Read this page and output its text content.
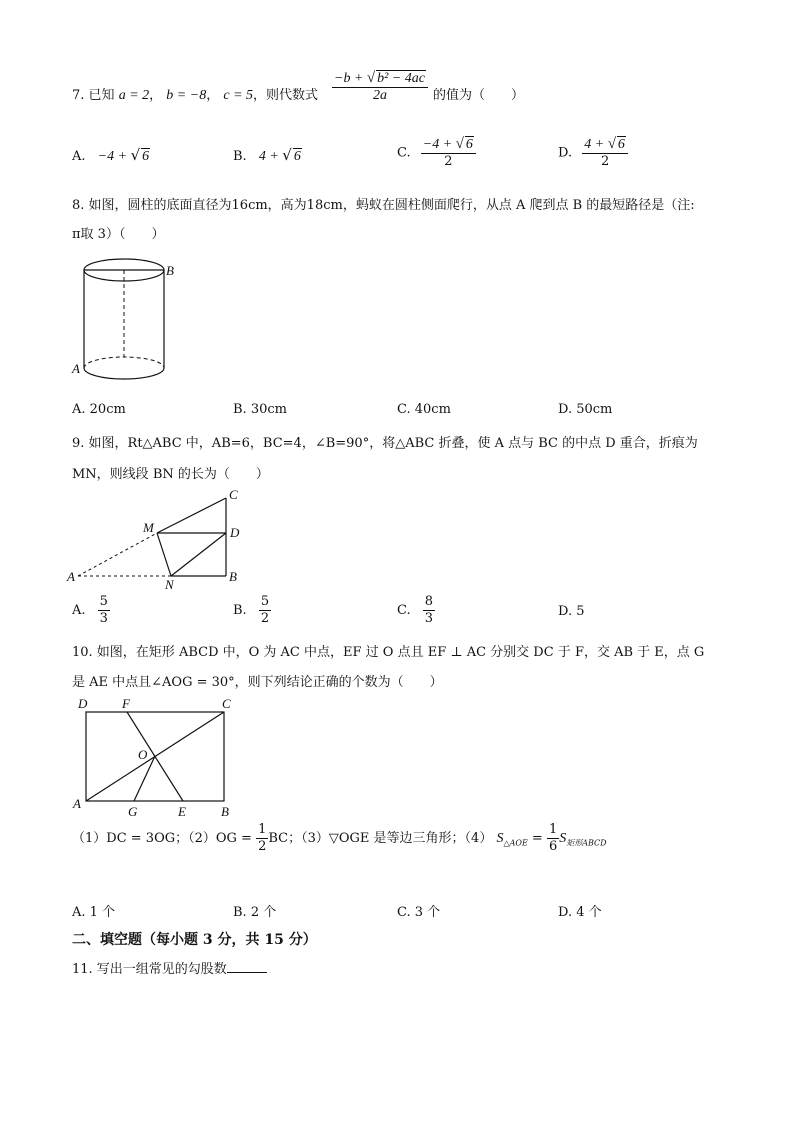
7. 已知 a = 2， b = −8， c = 5，则代数式 $\frac{\text{−b + √ b² − 4ac}}{2a}$ 的值为（　　）
A. −4 + √ 6	B. 4 + √ 6	C. $\frac{-4 + √ 6}{2}$	D. $\frac{4 + √ 6}{2}$
8. 如图，圆柱的底面直径为16cm，高为18cm，蚂蚁在圆柱侧面爬行，从点 A 爬到点 B 的最短路径是（注:
π取 3）（　　）
B
A
A. 20cm	B. 30cm	C. 40cm	D. 50cm
9. 如图，Rt△ABC 中，AB=6，BC=4，∠B=90°，将△ABC 折叠，使 A 点与 BC 的中点 D 重合，折痕为
MN，则线段 BN 的长为（　　）
C
D
B
M
N
A
A. $\frac{5}{3}$	B. $\frac{5}{2}$	C. $\frac{8}{3}$	D. 5
10. 如图，在矩形 ABCD 中，O 为 AC 中点，EF 过 O 点且 EF ⊥ AC 分别交 DC 于 F，交 AB 于 E，点 G
是 AE 中点且∠AOG = 30°，则下列结论正确的个数为（　　）
D	F	C
O
A
G	E	B
（1）DC = 3OG；$(2)OG = \frac{1}{2}$ BC；（3）▽OGE 是等边三角形；（4） $S_{\triangle AOE} = \frac{1}{6} S_{矩形ABCD}$
A. 1 个	B. 2 个	C. 3 个	D. 4 个
二、填空题（每小题 3 分，共 15 分）
11. 写出一组常见的勾股数
